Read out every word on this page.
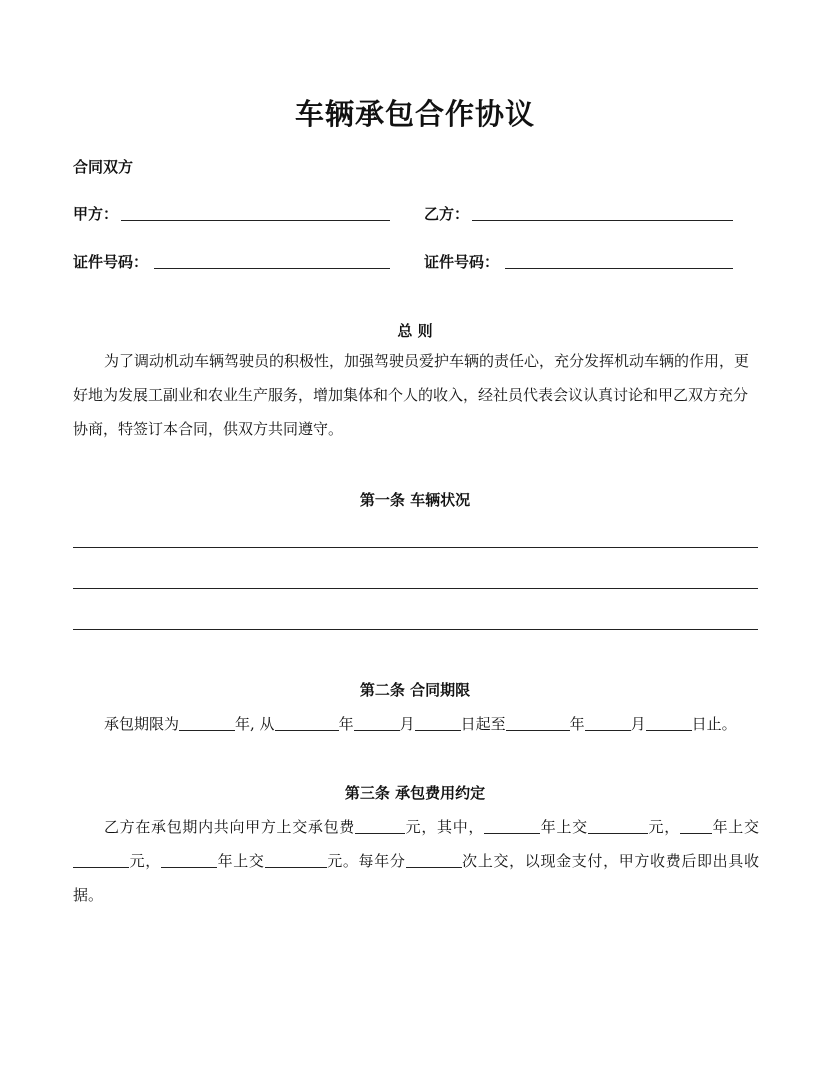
车辆承包合作协议
合同双方
甲方：	乙方：
证件号码：	证件号码：
总 则

为了调动机动车辆驾驶员的积极性，加强驾驶员爱护车辆的责任心，充分发挥机动车辆的作用，更好地为发展工副业和农业生产服务，增加集体和个人的收入，经社员代表会议认真讨论和甲乙双方充分协商，特签订本合同，供双方共同遵守。

第一条 车辆状况
第二条 合同期限

承包期限为	年, 从	年	月	日起至	年	月	日止。

第三条 承包费用约定

乙方在承包期内共向甲方上交承包费	元，其中，	年上交	元， 年上交元，	年上交	元。每年分	次上交，以现金支付，甲方收费后即出具收据。
